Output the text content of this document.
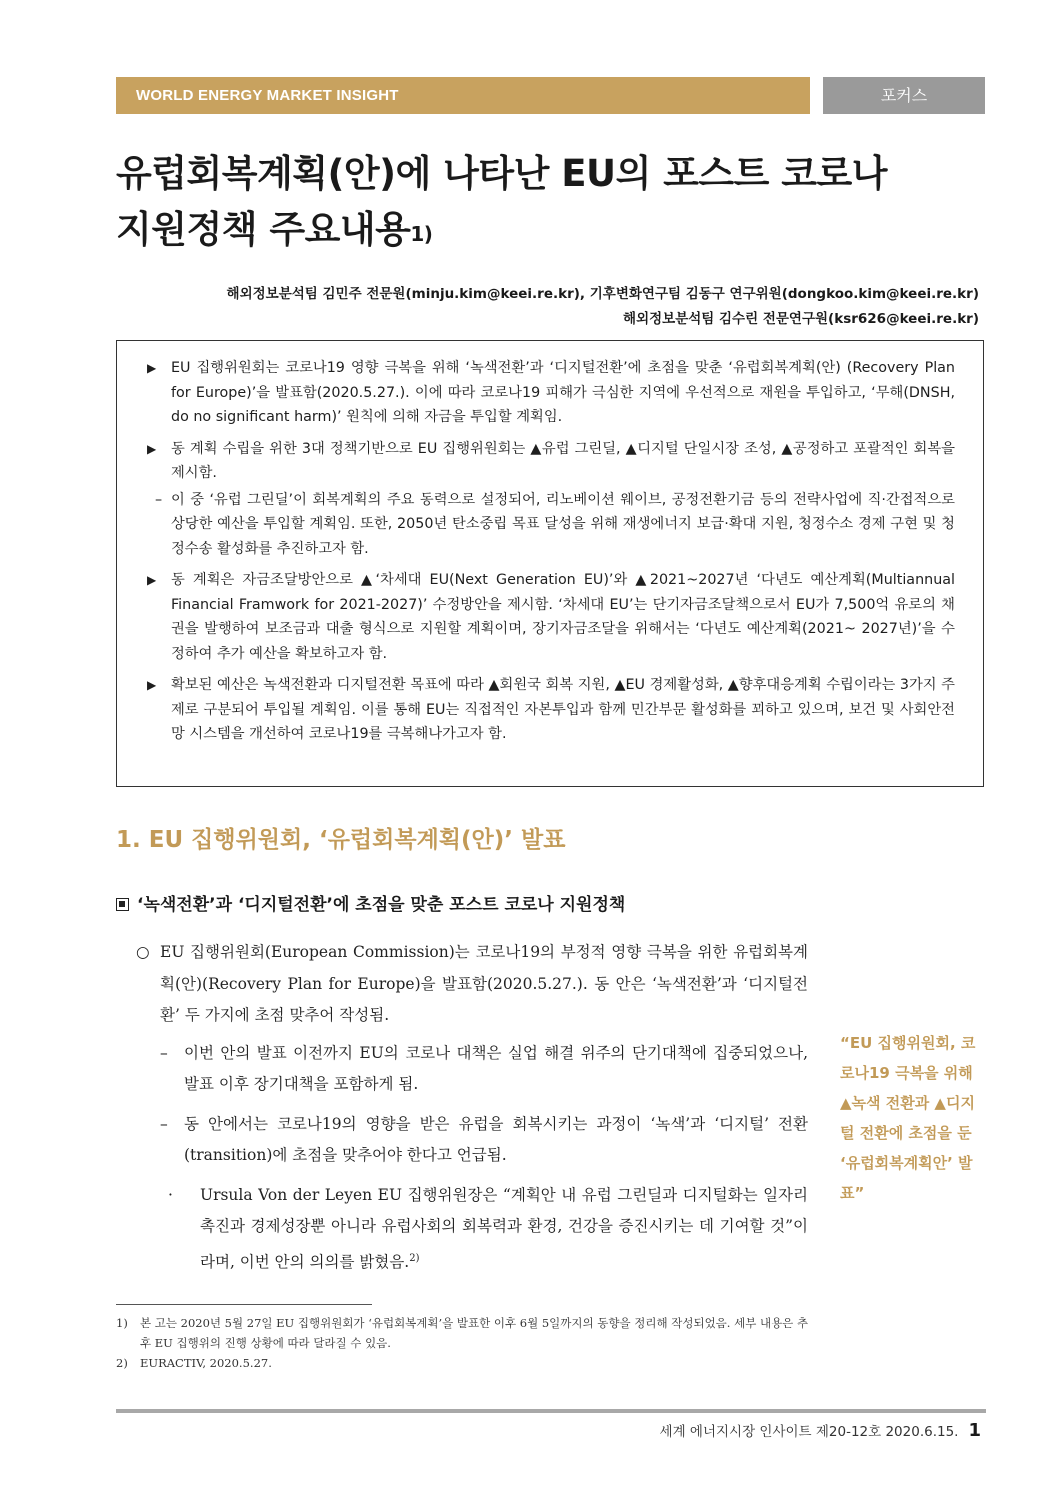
WORLD ENERGY MARKET INSIGHT	포커스
유럽회복계획(안)에 나타난 EU의 포스트 코로나
지원정책 주요내용$^{1)}$
해외정보분석팀 김민주 전문원(minju.kim@keei.re.kr), 기후변화연구팀 김동구 연구위원(dongkoo.kim@keei.re.kr)
해외정보분석팀 김수린 전문연구원(ksr626@keei.re.kr)
▶ EU 집행위원회는 코로나19 영향 극복을 위해 ‘녹색전환’과 ‘디지털전환’에 초점을 맞춘 ‘유럽회복계획(안) (Recovery Plan for Europe)’을 발표함(2020.5.27.). 이에 따라 코로나19 피해가 극심한 지역에 우선적으로 재원을 투입하고, ‘무해(DNSH, do no significant harm)’ 원칙에 의해 자금을 투입할 계획임.
▶ 동 계획 수립을 위한 3대 정책기반으로 EU 집행위원회는 ▲유럽 그린딜, ▲디지털 단일시장 조성, ▲공정하고 포괄적인 회복을 제시함.
– 이 중 ‘유럽 그린딜’이 회복계획의 주요 동력으로 설정되어, 리노베이션 웨이브, 공정전환기금 등의 전략사업에 직·간접적으로 상당한 예산을 투입할 계획임. 또한, 2050년 탄소중립 목표 달성을 위해 재생에너지 보급·확대 지원, 청정수소 경제 구현 및 청정수송 활성화를 추진하고자 함.
▶ 동 계획은 자금조달방안으로 ▲‘차세대 EU(Next Generation EU)’와 ▲2021~2027년 ‘다년도 예산계획(Multiannual Financial Framwork for 2021-2027)’ 수정방안을 제시함. ‘차세대 EU’는 단기자금조달책으로서 EU가 7,500억 유로의 채권을 발행하여 보조금과 대출 형식으로 지원할 계획이며, 장기자금조달을 위해서는 ‘다년도 예산계획(2021~ 2027년)’을 수정하여 추가 예산을 확보하고자 함.
▶ 확보된 예산은 녹색전환과 디지털전환 목표에 따라 ▲회원국 회복 지원, ▲EU 경제활성화, ▲향후대응계획 수립이라는 3가지 주제로 구분되어 투입될 계획임. 이를 통해 EU는 직접적인 자본투입과 함께 민간부문 활성화를 꾀하고 있으며, 보건 및 사회안전망 시스템을 개선하여 코로나19를 극복해나가고자 함.
1. EU 집행위원회, ‘유럽회복계획(안)’ 발표
‘녹색전환’과 ‘디지털전환’에 초점을 맞춘 포스트 코로나 지원정책
○ EU 집행위원회(European Commission)는 코로나19의 부정적 영향 극복을 위한 유럽회복계획(안)(Recovery Plan for Europe)을 발표함(2020.5.27.). 동 안은 ‘녹색전환’과 ‘디지털전환’ 두 가지에 초점 맞추어 작성됨.
– 이번 안의 발표 이전까지 EU의 코로나 대책은 실업 해결 위주의 단기대책에 집중되었으나, 발표 이후 장기대책을 포함하게 됨.
– 동 안에서는 코로나19의 영향을 받은 유럽을 회복시키는 과정이 ‘녹색’과 ‘디지털’ 전환(transition)에 초점을 맞추어야 한다고 언급됨.
· Ursula Von der Leyen EU 집행위원장은 “계획안 내 유럽 그린딜과 디지털화는 일자리 촉진과 경제성장뿐 아니라 유럽사회의 회복력과 환경, 건강을 증진시키는 데 기여할 것”이라며, 이번 안의 의의를 밝혔음.$^{2)}$
“EU 집행위원회, 코로나19 극복을 위해 ▲녹색 전환과 ▲디지털 전환에 초점을 둔 ‘유럽회복계획안’ 발표”
1) 본 고는 2020년 5월 27일 EU 집행위원회가 ‘유럽회복계획’을 발표한 이후 6월 5일까지의 동향을 정리해 작성되었음. 세부 내용은 추후 EU 집행위의 진행 상황에 따라 달라질 수 있음.
2) EURACTIV, 2020.5.27.
세계 에너지시장 인사이트 제20-12호 2020.6.15. 1
